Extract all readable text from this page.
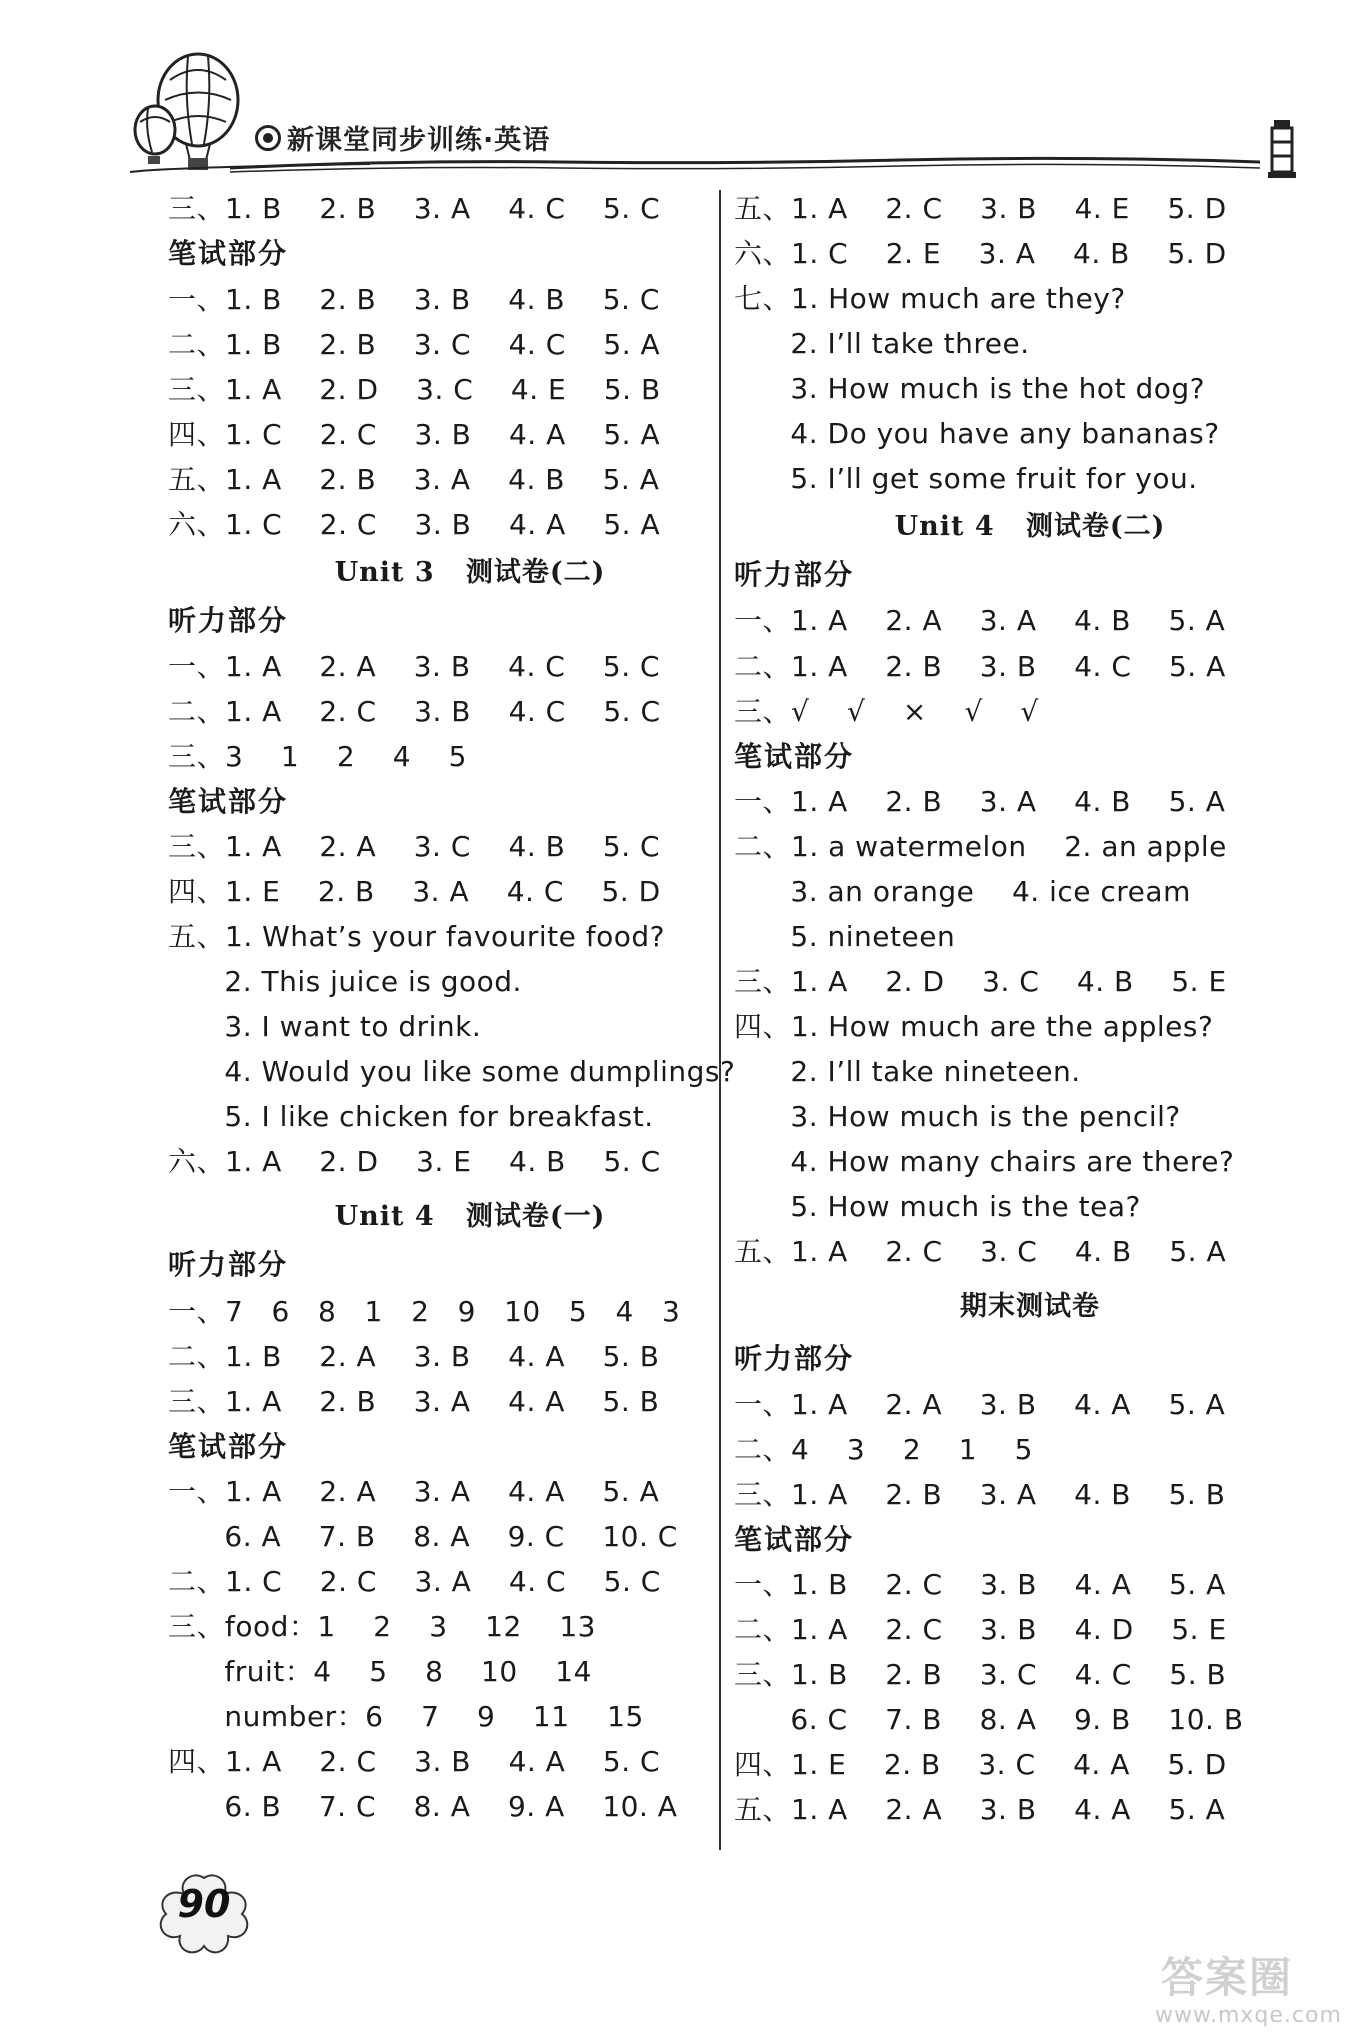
新课堂同步训练·英语
三、1. B    2. B    3. A    4. C    5. C
笔试部分
一、1. B    2. B    3. B    4. B    5. C
二、1. B    2. B    3. C    4. C    5. A
三、1. A    2. D    3. C    4. E    5. B
四、1. C    2. C    3. B    4. A    5. A
五、1. A    2. B    3. A    4. B    5. A
六、1. C    2. C    3. B    4. A    5. A
Unit 3   测试卷(二)
听力部分
一、1. A    2. A    3. B    4. C    5. C
二、1. A    2. C    3. B    4. C    5. C
三、3    1    2    4    5
笔试部分
三、1. A    2. A    3. C    4. B    5. C
四、1. E    2. B    3. A    4. C    5. D
五、1. What’s your favourite food?
2. This juice is good.
3. I want to drink.
4. Would you like some dumplings?
5. I like chicken for breakfast.
六、1. A    2. D    3. E    4. B    5. C
Unit 4   测试卷(一)
听力部分
一、7   6   8   1   2   9   10   5   4   3
二、1. B    2. A    3. B    4. A    5. B
三、1. A    2. B    3. A    4. A    5. B
笔试部分
一、1. A    2. A    3. A    4. A    5. A
6. A    7. B    8. A    9. C    10. C
二、1. C    2. C    3. A    4. C    5. C
三、food：1    2    3    12    13
fruit：4    5    8    10    14
number：6    7    9    11    15
四、1. A    2. C    3. B    4. A    5. C
6. B    7. C    8. A    9. A    10. A
五、1. A    2. C    3. B    4. E    5. D
六、1. C    2. E    3. A    4. B    5. D
七、1. How much are they?
2. I’ll take three.
3. How much is the hot dog?
4. Do you have any bananas?
5. I’ll get some fruit for you.
Unit 4   测试卷(二)
听力部分
一、1. A    2. A    3. A    4. B    5. A
二、1. A    2. B    3. B    4. C    5. A
三、√    √    ×    √    √
笔试部分
一、1. A    2. B    3. A    4. B    5. A
二、1. a watermelon    2. an apple
3. an orange    4. ice cream
5. nineteen
三、1. A    2. D    3. C    4. B    5. E
四、1. How much are the apples?
2. I’ll take nineteen.
3. How much is the pencil?
4. How many chairs are there?
5. How much is the tea?
五、1. A    2. C    3. C    4. B    5. A
期末测试卷
听力部分
一、1. A    2. A    3. B    4. A    5. A
二、4    3    2    1    5
三、1. A    2. B    3. A    4. B    5. B
笔试部分
一、1. B    2. C    3. B    4. A    5. A
二、1. A    2. C    3. B    4. D    5. E
三、1. B    2. B    3. C    4. C    5. B
6. C    7. B    8. A    9. B    10. B
四、1. E    2. B    3. C    4. A    5. D
五、1. A    2. A    3. B    4. A    5. A
90
答案圈
www.mxqe.com
